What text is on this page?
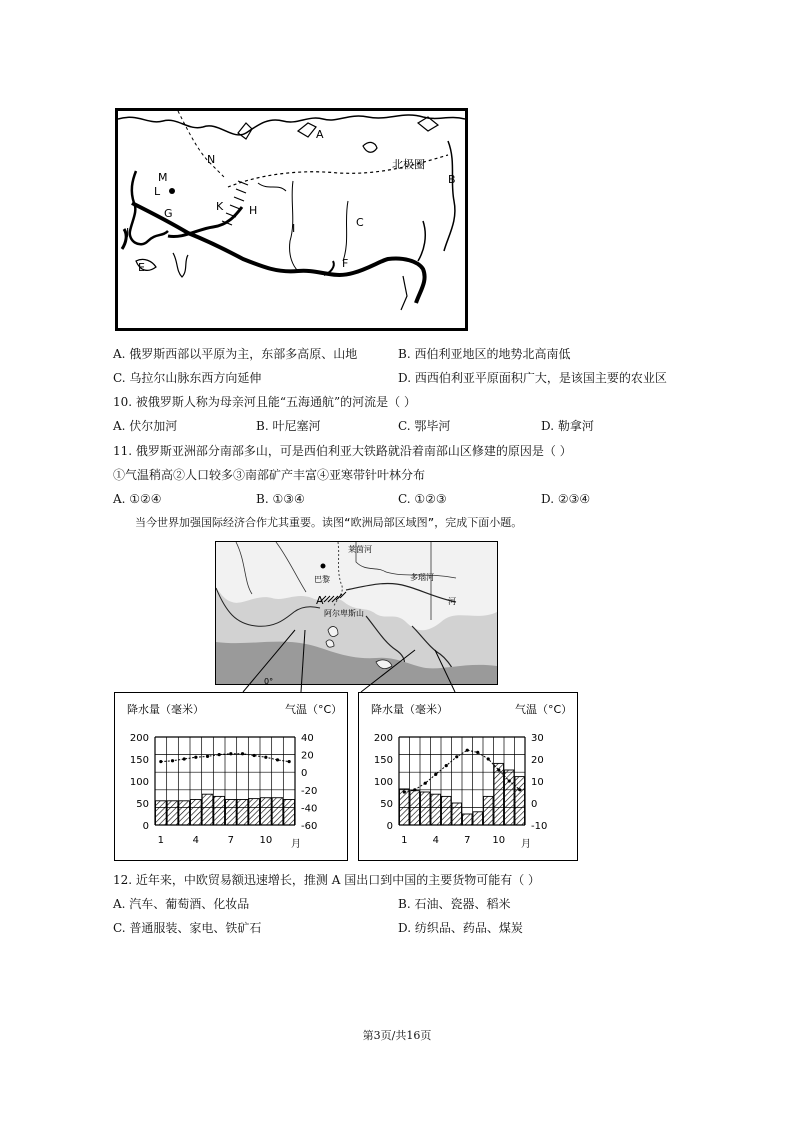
A
B
C
E	F
G	H
I
J
K
L
M
N	北极圈
A. 俄罗斯西部以平原为主，东部多高原、山地	B. 西伯利亚地区的地势北高南低
C. 乌拉尔山脉东西方向延伸	D. 西西伯利亚平原面积广大，是该国主要的农业区
10. 被俄罗斯人称为母亲河且能“五海通航”的河流是（ ）
A. 伏尔加河	B. 叶尼塞河	C. 鄂毕河	D. 勒拿河
11. 俄罗斯亚洲部分南部多山，可是西伯利亚大铁路就沿着南部山区修建的原因是（ ）
①气温稍高②人口较多③南部矿产丰富④亚寒带针叶林分布
A. ①②④	B. ①③④	C. ①②③	D. ②③④
当今世界加强国际经济合作尤其重要。读图“欧洲局部区域图”，完成下面小题。
巴黎
A
阿尔卑斯山
莱茵河
多瑙河
河
0°
降水量（毫米）	气温（°C）
200
150
100
50
0
40
20
0
-20
-40
-60
1	4	7	10 月
降水量（毫米）	气温（°C）
200
150
100
50
0
30
20
10
0
-10
1	4	7 10 月
12. 近年来，中欧贸易额迅速增长，推测 A 国出口到中国的主要货物可能有（ ）
A. 汽车、葡萄酒、化妆品	B. 石油、瓷器、稻米
C. 普通服装、家电、铁矿石	D. 纺织品、药品、煤炭
第3页/共16页
